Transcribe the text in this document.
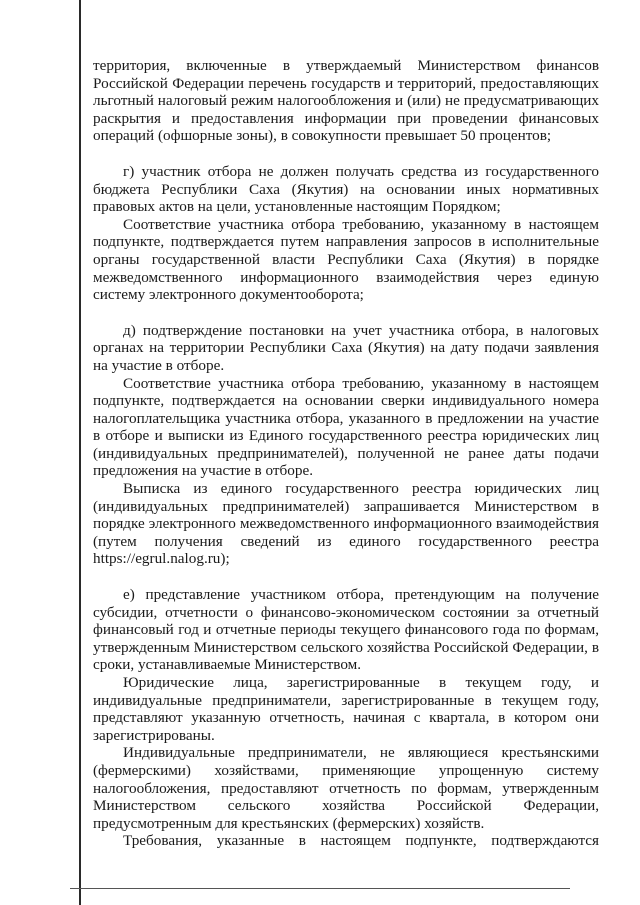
территория, включенные в утверждаемый Министерством финансов Российской Федерации перечень государств и территорий, предоставляющих льготный налоговый режим налогообложения и (или) не предусматривающих раскрытия и предоставления информации при проведении финансовых операций (офшорные зоны), в совокупности превышает 50 процентов;

г) участник отбора не должен получать средства из государственного бюджета Республики Саха (Якутия) на основании иных нормативных правовых актов на цели, установленные настоящим Порядком;

Соответствие участника отбора требованию, указанному в настоящем подпункте, подтверждается путем направления запросов в исполнительные органы государственной власти Республики Саха (Якутия) в порядке межведомственного информационного взаимодействия через единую систему электронного документооборота;

д) подтверждение постановки на учет участника отбора, в налоговых органах на территории Республики Саха (Якутия) на дату подачи заявления на участие в отборе.

Соответствие участника отбора требованию, указанному в настоящем подпункте, подтверждается на основании сверки индивидуального номера налогоплательщика участника отбора, указанного в предложении на участие в отборе и выписки из Единого государственного реестра юридических лиц (индивидуальных предпринимателей), полученной не ранее даты подачи предложения на участие в отборе.

Выписка из единого государственного реестра юридических лиц (индивидуальных предпринимателей) запрашивается Министерством в порядке электронного межведомственного информационного взаимодействия (путем получения сведений из единого государственного реестра https://egrul.nalog.ru);

е) представление участником отбора, претендующим на получение субсидии, отчетности о финансово-экономическом состоянии за отчетный финансовый год и отчетные периоды текущего финансового года по формам, утвержденным Министерством сельского хозяйства Российской Федерации, в сроки, устанавливаемые Министерством.

Юридические лица, зарегистрированные в текущем году, и индивидуальные предприниматели, зарегистрированные в текущем году, представляют указанную отчетность, начиная с квартала, в котором они зарегистрированы.

Индивидуальные предприниматели, не являющиеся крестьянскими (фермерскими) хозяйствами, применяющие упрощенную систему налогообложения, предоставляют отчетность по формам, утвержденным Министерством сельского хозяйства Российской Федерации, предусмотренным для крестьянских (фермерских) хозяйств.

Требования, указанные в настоящем подпункте, подтверждаются
